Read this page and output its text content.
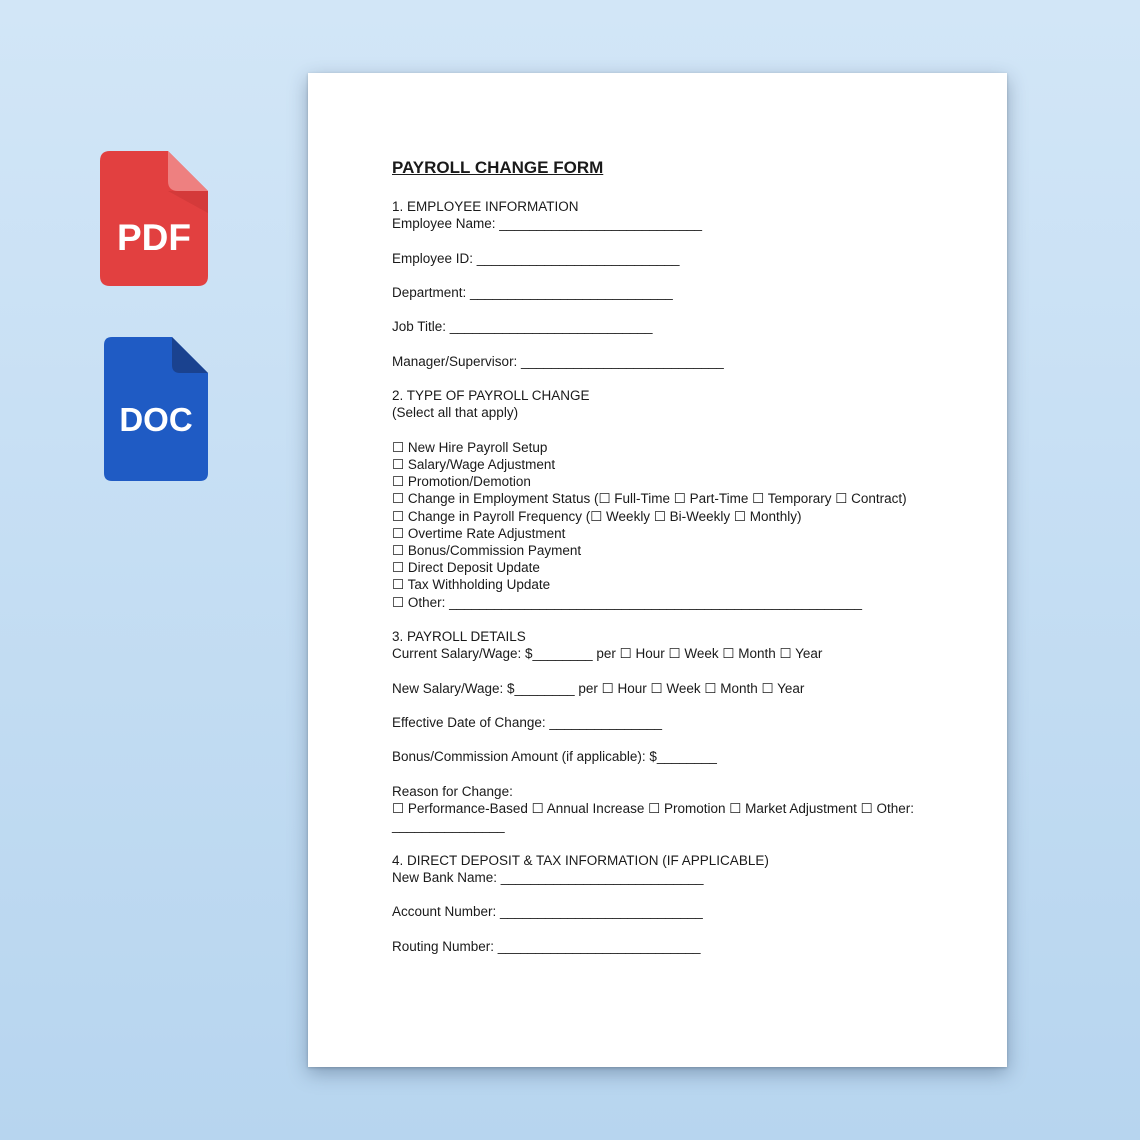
PDF
DOC
PAYROLL CHANGE FORM
1. EMPLOYEE INFORMATION
Employee Name: ___________________________
Employee ID: ___________________________
Department: ___________________________
Job Title: ___________________________
Manager/Supervisor: ___________________________
2. TYPE OF PAYROLL CHANGE
(Select all that apply)
☐ New Hire Payroll Setup
☐ Salary/Wage Adjustment
☐ Promotion/Demotion
☐ Change in Employment Status (☐ Full-Time ☐ Part-Time ☐ Temporary ☐ Contract)
☐ Change in Payroll Frequency (☐ Weekly ☐ Bi-Weekly ☐ Monthly)
☐ Overtime Rate Adjustment
☐ Bonus/Commission Payment
☐ Direct Deposit Update
☐ Tax Withholding Update
☐ Other: _______________________________________________________
3. PAYROLL DETAILS
Current Salary/Wage: $________ per ☐ Hour ☐ Week ☐ Month ☐ Year
New Salary/Wage: $________ per ☐ Hour ☐ Week ☐ Month ☐ Year
Effective Date of Change: _______________
Bonus/Commission Amount (if applicable): $________
Reason for Change:
☐ Performance-Based ☐ Annual Increase ☐ Promotion ☐ Market Adjustment ☐ Other:
_______________
4. DIRECT DEPOSIT & TAX INFORMATION (IF APPLICABLE)
New Bank Name: ___________________________
Account Number: ___________________________
Routing Number: ___________________________
